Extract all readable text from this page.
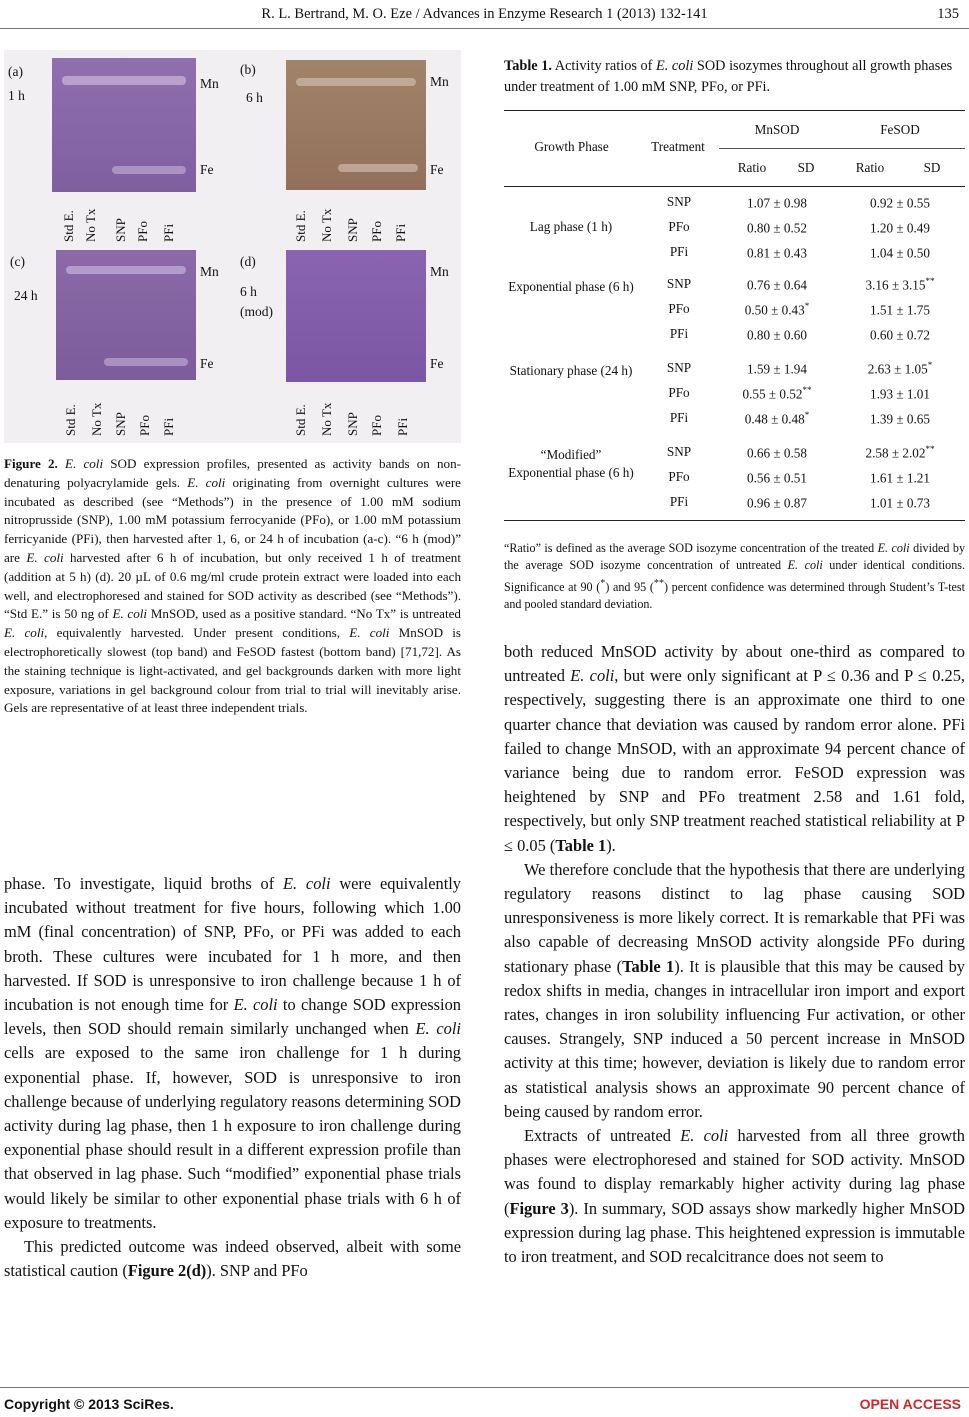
R. L. Bertrand, M. O. Eze / Advances in Enzyme Research 1 (2013) 132-141	135
(a)
1 h
Mn
Fe
Std E. No Tx SNP PFo PFi
(b)
6 h
Mn
Fe
Std E. No Tx SNP PFo PFi
(c)
24 h
Mn
Fe
Std E. No Tx SNP PFo PFi
(d)
6 h
(mod)
Mn
Fe
Std E. No Tx SNP PFo PFi
Figure 2. E. coli SOD expression profiles, presented as activity bands on non-denaturing polyacrylamide gels. E. coli originating from overnight cultures were incubated as described (see “Methods”) in the presence of 1.00 mM sodium nitroprusside (SNP), 1.00 mM potassium ferrocyanide (PFo), or 1.00 mM potassium ferricyanide (PFi), then harvested after 1, 6, or 24 h of incubation (a-c). “6 h (mod)” are E. coli harvested after 6 h of incubation, but only received 1 h of treatment (addition at 5 h) (d). 20 µL of 0.6 mg/ml crude protein extract were loaded into each well, and electrophoresed and stained for SOD activity as described (see “Methods”). “Std E.” is 50 ng of E. coli MnSOD, used as a positive standard. “No Tx” is untreated E. coli, equivalently harvested. Under present conditions, E. coli MnSOD is electrophoretically slowest (top band) and FeSOD fastest (bottom band) [71,72]. As the staining technique is light-activated, and gel backgrounds darken with more light exposure, variations in gel background colour from trial to trial will inevitably arise. Gels are representative of at least three independent trials.

phase. To investigate, liquid broths of E. coli were equivalently incubated without treatment for five hours, following which 1.00 mM (final concentration) of SNP, PFo, or PFi was added to each broth. These cultures were incubated for 1 h more, and then harvested. If SOD is unresponsive to iron challenge because 1 h of incubation is not enough time for E. coli to change SOD expression levels, then SOD should remain similarly unchanged when E. coli cells are exposed to the same iron challenge for 1 h during exponential phase. If, however, SOD is unresponsive to iron challenge because of underlying regulatory reasons determining SOD activity during lag phase, then 1 h exposure to iron challenge during exponential phase should result in a different expression profile than that observed in lag phase. Such “modified” exponential phase trials would likely be similar to other exponential phase trials with 6 h of exposure to treatments.

This predicted outcome was indeed observed, albeit with some statistical caution (Figure 2(d)). SNP and PFo

Table 1. Activity ratios of E. coli SOD isozymes throughout all growth phases under treatment of 1.00 mM SNP, PFo, or PFi.
Growth Phase	Treatment
MnSOD	FeSOD
Ratio	SD	Ratio	SD
Lag phase (1 h)
SNP	1.07 ± 0.98	0.92 ± 0.55
PFo	0.80 ± 0.52	1.20 ± 0.49
PFi	0.81 ± 0.43	1.04 ± 0.50
Exponential phase (6 h)	SNP	0.76 ± 0.64	3.16 ± 3.15**
PFo	0.50 ± 0.43*	1.51 ± 1.75
PFi	0.80 ± 0.60	0.60 ± 0.72
Stationary phase (24 h)	SNP	1.59 ± 1.94	2.63 ± 1.05*
PFo	0.55 ± 0.52**	1.93 ± 1.01
PFi	0.48 ± 0.48*	1.39 ± 0.65
“Modified” Exponential phase (6 h)
SNP	0.66 ± 0.58	2.58 ± 2.02**
PFo	0.56 ± 0.51	1.61 ± 1.21
PFi	0.96 ± 0.87	1.01 ± 0.73
“Ratio” is defined as the average SOD isozyme concentration of the treated E. coli divided by the average SOD isozyme concentration of untreated E. coli under identical conditions. Significance at 90 (*) and 95 (**) percent confidence was determined through Student’s T-test and pooled standard deviation.

both reduced MnSOD activity by about one-third as compared to untreated E. coli, but were only significant at P ≤ 0.36 and P ≤ 0.25, respectively, suggesting there is an approximate one third to one quarter chance that deviation was caused by random error alone. PFi failed to change MnSOD, with an approximate 94 percent chance of variance being due to random error. FeSOD expression was heightened by SNP and PFo treatment 2.58 and 1.61 fold, respectively, but only SNP treatment reached statistical reliability at P ≤ 0.05 (Table 1).

We therefore conclude that the hypothesis that there are underlying regulatory reasons distinct to lag phase causing SOD unresponsiveness is more likely correct. It is remarkable that PFi was also capable of decreasing MnSOD activity alongside PFo during stationary phase (Table 1). It is plausible that this may be caused by redox shifts in media, changes in intracellular iron import and export rates, changes in iron solubility influencing Fur activation, or other causes. Strangely, SNP induced a 50 percent increase in MnSOD activity at this time; however, deviation is likely due to random error as statistical analysis shows an approximate 90 percent chance of being caused by random error.

Extracts of untreated E. coli harvested from all three growth phases were electrophoresed and stained for SOD activity. MnSOD was found to display remarkably higher activity during lag phase (Figure 3). In summary, SOD assays show markedly higher MnSOD expression during lag phase. This heightened expression is immutable to iron treatment, and SOD recalcitrance does not seem to

Copyright © 2013 SciRes.	OPEN ACCESS
